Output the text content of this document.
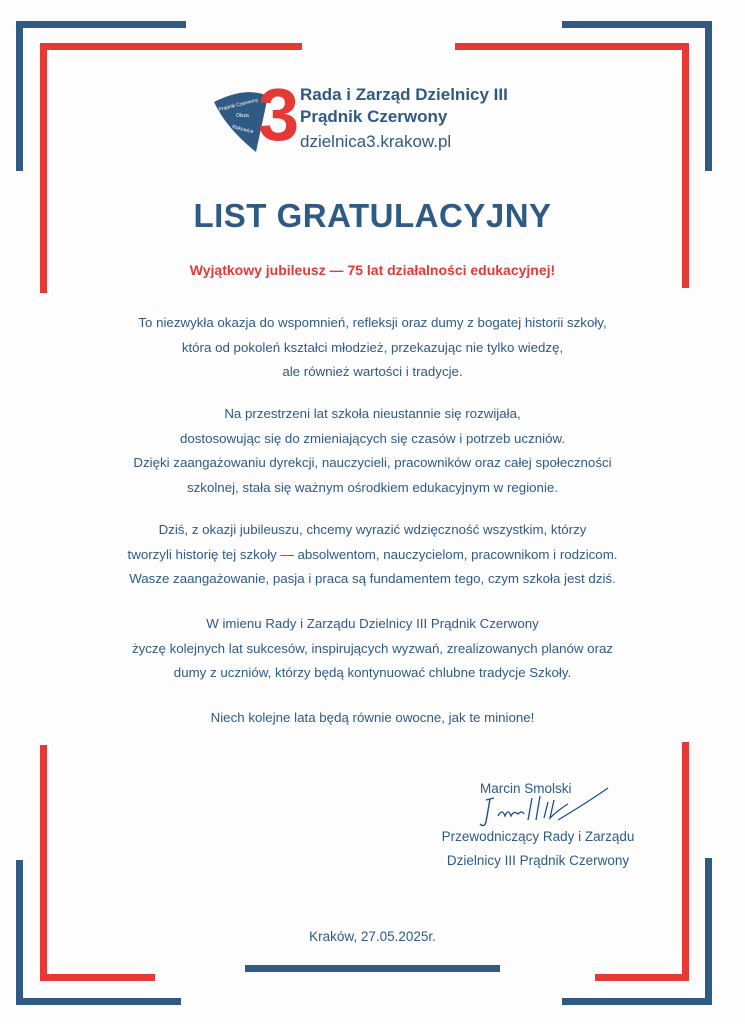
3
Prądnik Czerwony
Olsza
Rakowice
Rada i Zarząd Dzielnicy III
Prądnik Czerwony
dzielnica3.krakow.pl
LIST GRATULACYJNY

Wyjątkowy jubileusz — 75 lat działalności edukacyjnej!

To niezwykła okazja do wspomnień, refleksji oraz dumy z bogatej historii szkoły,
która od pokoleń kształci młodzież, przekazując nie tylko wiedzę,
ale również wartości i tradycje.

Na przestrzeni lat szkoła nieustannie się rozwijała,
dostosowując się do zmieniających się czasów i potrzeb uczniów.
Dzięki zaangażowaniu dyrekcji, nauczycieli, pracowników oraz całej społeczności
szkolnej, stała się ważnym ośrodkiem edukacyjnym w regionie.

Dziś, z okazji jubileuszu, chcemy wyrazić wdzięczność wszystkim, którzy
tworzyli historię tej szkoły — absolwentom, nauczycielom, pracownikom i rodzicom.
Wasze zaangażowanie, pasja i praca są fundamentem tego, czym szkoła jest dziś.

W imienu Rady i Zarządu Dzielnicy III Prądnik Czerwony
życzę kolejnych lat sukcesów, inspirujących wyzwań, zrealizowanych planów oraz
dumy z uczniów, którzy będą kontynuować chlubne tradycje Szkoły.

Niech kolejne lata będą równie owocne, jak te minione!

Marcin Smolski
Przewodniczący Rady i Zarządu
Dzielnicy III Prądnik Czerwony
Kraków, 27.05.2025r.
